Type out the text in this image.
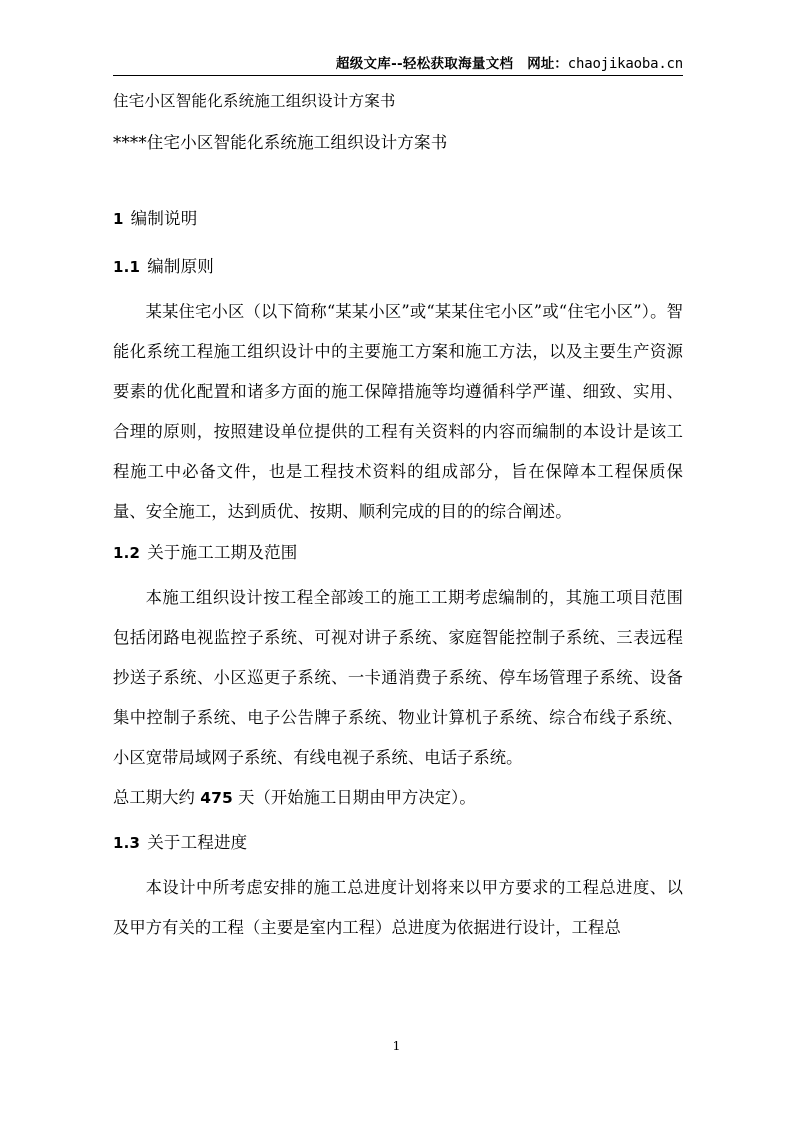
超级文库--轻松获取海量文档 网址：chaojikaoba.cn

住宅小区智能化系统施工组织设计方案书

****住宅小区智能化系统施工组织设计方案书

1 编制说明
1.1 编制原则

某某住宅小区（以下简称“某某小区”或“某某住宅小区”或“住宅小区”）。智能化系统工程施工组织设计中的主要施工方案和施工方法，以及主要生产资源要素的优化配置和诸多方面的施工保障措施等均遵循科学严谨、细致、实用、合理的原则，按照建设单位提供的工程有关资料的内容而编制的本设计是该工程施工中必备文件，也是工程技术资料的组成部分，旨在保障本工程保质保量、安全施工，达到质优、按期、顺利完成的目的的综合阐述。

1.2 关于施工工期及范围

本施工组织设计按工程全部竣工的施工工期考虑编制的，其施工项目范围包括闭路电视监控子系统、可视对讲子系统、家庭智能控制子系统、三表远程抄送子系统、小区巡更子系统、一卡通消费子系统、停车场管理子系统、设备集中控制子系统、电子公告牌子系统、物业计算机子系统、综合布线子系统、小区宽带局域网子系统、有线电视子系统、电话子系统。

总工期大约 475 天（开始施工日期由甲方决定）。

1.3 关于工程进度

本设计中所考虑安排的施工总进度计划将来以甲方要求的工程总进度、以及甲方有关的工程（主要是室内工程）总进度为依据进行设计，工程总

1
